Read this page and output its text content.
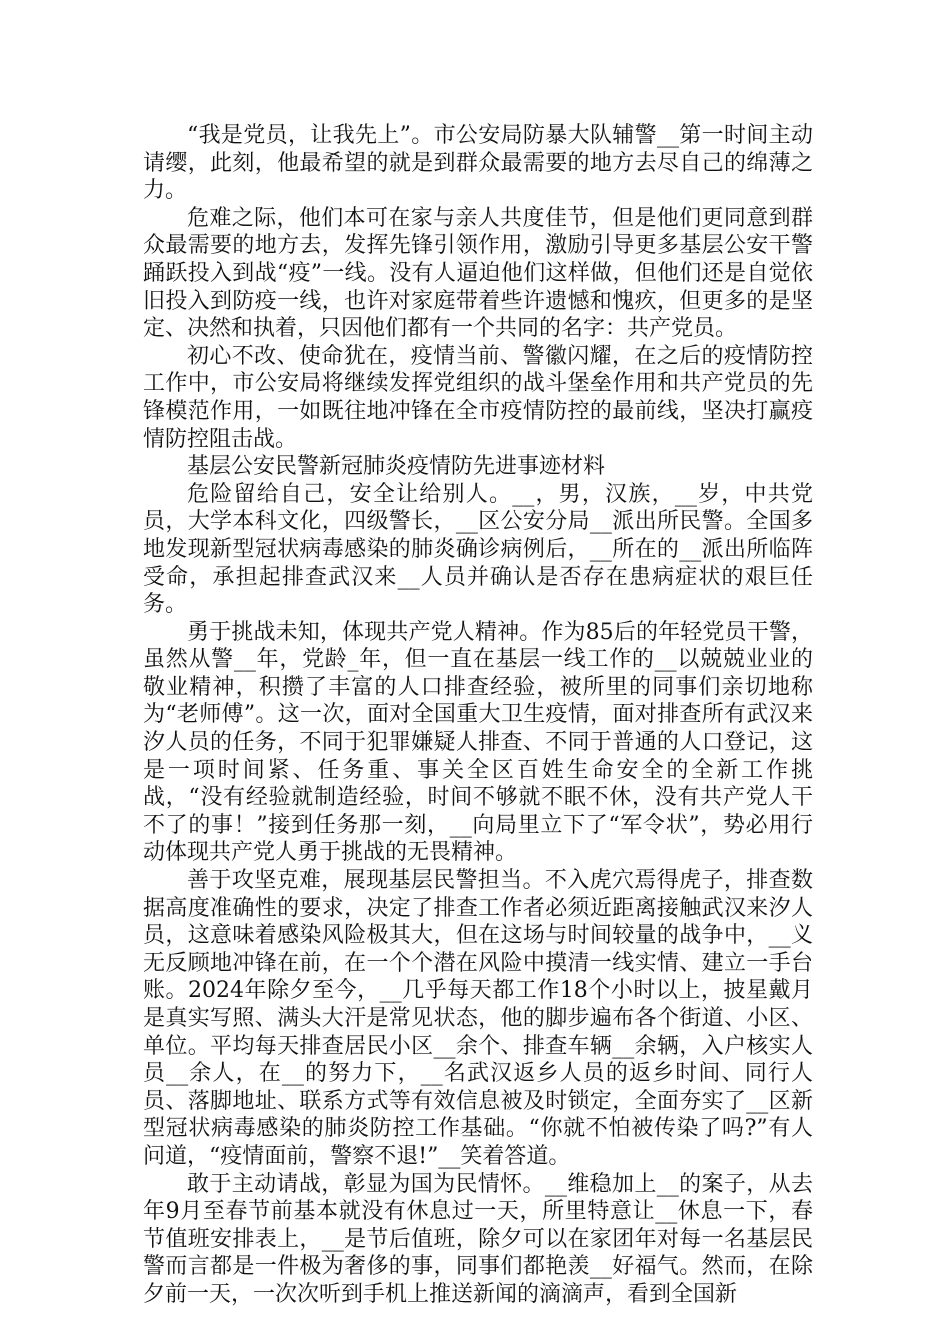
“我是党员，让我先上”。市公安局防暴大队辅警__第一时间主动请缨，此刻，他最希望的就是到群众最需要的地方去尽自己的绵薄之力。

危难之际，他们本可在家与亲人共度佳节，但是他们更同意到群众最需要的地方去，发挥先锋引领作用，激励引导更多基层公安干警踊跃投入到战“疫”一线。没有人逼迫他们这样做，但他们还是自觉依旧投入到防疫一线，也许对家庭带着些许遗憾和愧疚，但更多的是坚定、决然和执着，只因他们都有一个共同的名字：共产党员。

初心不改、使命犹在，疫情当前、警徽闪耀，在之后的疫情防控工作中，市公安局将继续发挥党组织的战斗堡垒作用和共产党员的先锋模范作用，一如既往地冲锋在全市疫情防控的最前线，坚决打赢疫情防控阻击战。

基层公安民警新冠肺炎疫情防先进事迹材料

危险留给自己，安全让给别人。__，男，汉族，__岁，中共党员，大学本科文化，四级警长，__区公安分局__派出所民警。全国多地发现新型冠状病毒感染的肺炎确诊病例后，__所在的__派出所临阵受命，承担起排查武汉来__人员并确认是否存在患病症状的艰巨任务。

勇于挑战未知，体现共产党人精神。作为85后的年轻党员干警，虽然从警__年，党龄_年，但一直在基层一线工作的__以兢兢业业的敬业精神，积攒了丰富的人口排查经验，被所里的同事们亲切地称为“老师傅”。这一次，面对全国重大卫生疫情，面对排查所有武汉来汐人员的任务，不同于犯罪嫌疑人排查、不同于普通的人口登记，这是一项时间紧、任务重、事关全区百姓生命安全的全新工作挑战，“没有经验就制造经验，时间不够就不眠不休，没有共产党人干不了的事！”接到任务那一刻，__向局里立下了“军令状”，势必用行动体现共产党人勇于挑战的无畏精神。

善于攻坚克难，展现基层民警担当。不入虎穴焉得虎子，排查数据高度准确性的要求，决定了排查工作者必须近距离接触武汉来汐人员，这意味着感染风险极其大，但在这场与时间较量的战争中，__义无反顾地冲锋在前，在一个个潜在风险中摸清一线实情、建立一手台账。2024年除夕至今，__几乎每天都工作18个小时以上，披星戴月是真实写照、满头大汗是常见状态，他的脚步遍布各个街道、小区、单位。平均每天排查居民小区__余个、排查车辆__余辆，入户核实人员__余人，在__的努力下，__名武汉返乡人员的返乡时间、同行人员、落脚地址、联系方式等有效信息被及时锁定，全面夯实了__区新型冠状病毒感染的肺炎防控工作基础。“你就不怕被传染了吗?”有人问道，“疫情面前，警察不退!”__笑着答道。

敢于主动请战，彰显为国为民情怀。__维稳加上__的案子，从去年9月至春节前基本就没有休息过一天，所里特意让__休息一下，春节值班安排表上，__是节后值班，除夕可以在家团年对每一名基层民警而言都是一件极为奢侈的事，同事们都艳羡__好福气。然而，在除夕前一天，一次次听到手机上推送新闻的滴滴声，看到全国新
